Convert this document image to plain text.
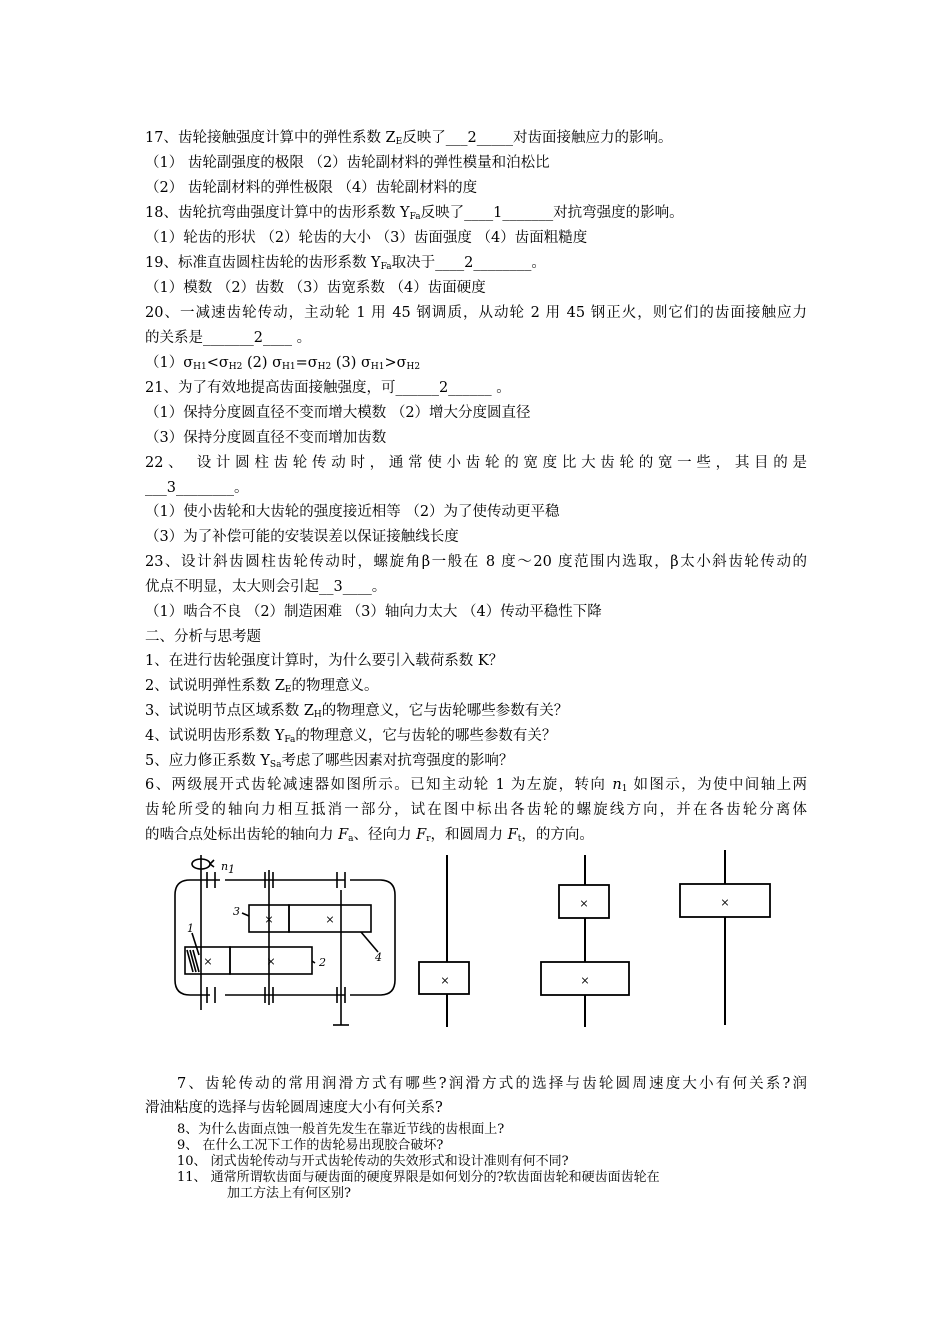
17、齿轮接触强度计算中的弹性系数 $Z_E$反映了___2_____对齿面接触应力的影响。
（1） 齿轮副强度的极限 （2）齿轮副材料的弹性模量和泊松比
（2） 齿轮副材料的弹性极限 （4）齿轮副材料的度
18、齿轮抗弯曲强度计算中的齿形系数 $Y_{Fa}$反映了____1_______对抗弯强度的影响。
（1）轮齿的形状 （2）轮齿的大小 （3）齿面强度 （4）齿面粗糙度
19、标准直齿圆柱齿轮的齿形系数 $Y_{Fa}$取决于____2________。
（1）模数 （2）齿数 （3）齿宽系数 （4）齿面硬度
20、一减速齿轮传动，主动轮 1 用 45 钢调质，从动轮 2 用 45 钢正火，则它们的齿面接触应力
的关系是_______2____ 。
$(1)\sigma_{H1}<\sigma_{H2}$ (2) $\sigma_{H1}=\sigma_{H2}$ (3) $\sigma_{H1}>\sigma_{H2}$
21、为了有效地提高齿面接触强度，可______2______ 。
（1）保持分度圆直径不变而增大模数 （2）增大分度圆直径
（3）保持分度圆直径不变而增加齿数
22、 设计圆柱齿轮传动时，通常使小齿轮的宽度比大齿轮的宽一些，其目的是
___3________。
（1）使小齿轮和大齿轮的强度接近相等 （2）为了使传动更平稳
（3）为了补偿可能的安装误差以保证接触线长度
23、设计斜齿圆柱齿轮传动时，螺旋角β一般在 8 度～20 度范围内选取，β太小斜齿轮传动的
优点不明显，太大则会引起__3____。
（1）啮合不良 （2）制造困难 （3）轴向力太大 （4）传动平稳性下降
二、分析与思考题
1、在进行齿轮强度计算时，为什么要引入载荷系数 K？
2、试说明弹性系数 $Z_E$的物理意义。
3、试说明节点区域系数 $Z_H$的物理意义，它与齿轮哪些参数有关？
4、试说明齿形系数 $Y_{Fa}$的物理意义，它与齿轮的哪些参数有关？
5、应力修正系数 $Y_{Sa}$考虑了哪些因素对抗弯强度的影响？
6、两级展开式齿轮减速器如图所示。已知主动轮 1 为左旋，转向 $n_1$ 如图示，为使中间轴上两
齿轮所受的轴向力相互抵消一部分，试在图中标出各齿轮的螺旋线方向，并在各齿轮分离体
的啮合点处标出齿轮的轴向力 $F_a$、径向力 $F_r$，和圆周力 $F_t$，的方向。
×	×
×	×
n 1
3
1
2	4
×
×
×
×
7、齿轮传动的常用润滑方式有哪些?润滑方式的选择与齿轮圆周速度大小有何关系?润
滑油粘度的选择与齿轮圆周速度大小有何关系?
8、为什么齿面点蚀一般首先发生在靠近节线的齿根面上?
9、 在什么工况下工作的齿轮易出现胶合破坏?
10、 闭式齿轮传动与开式齿轮传动的失效形式和设计准则有何不同?
11、 通常所谓软齿面与硬齿面的硬度界限是如何划分的?软齿面齿轮和硬齿面齿轮在
加工方法上有何区别?
